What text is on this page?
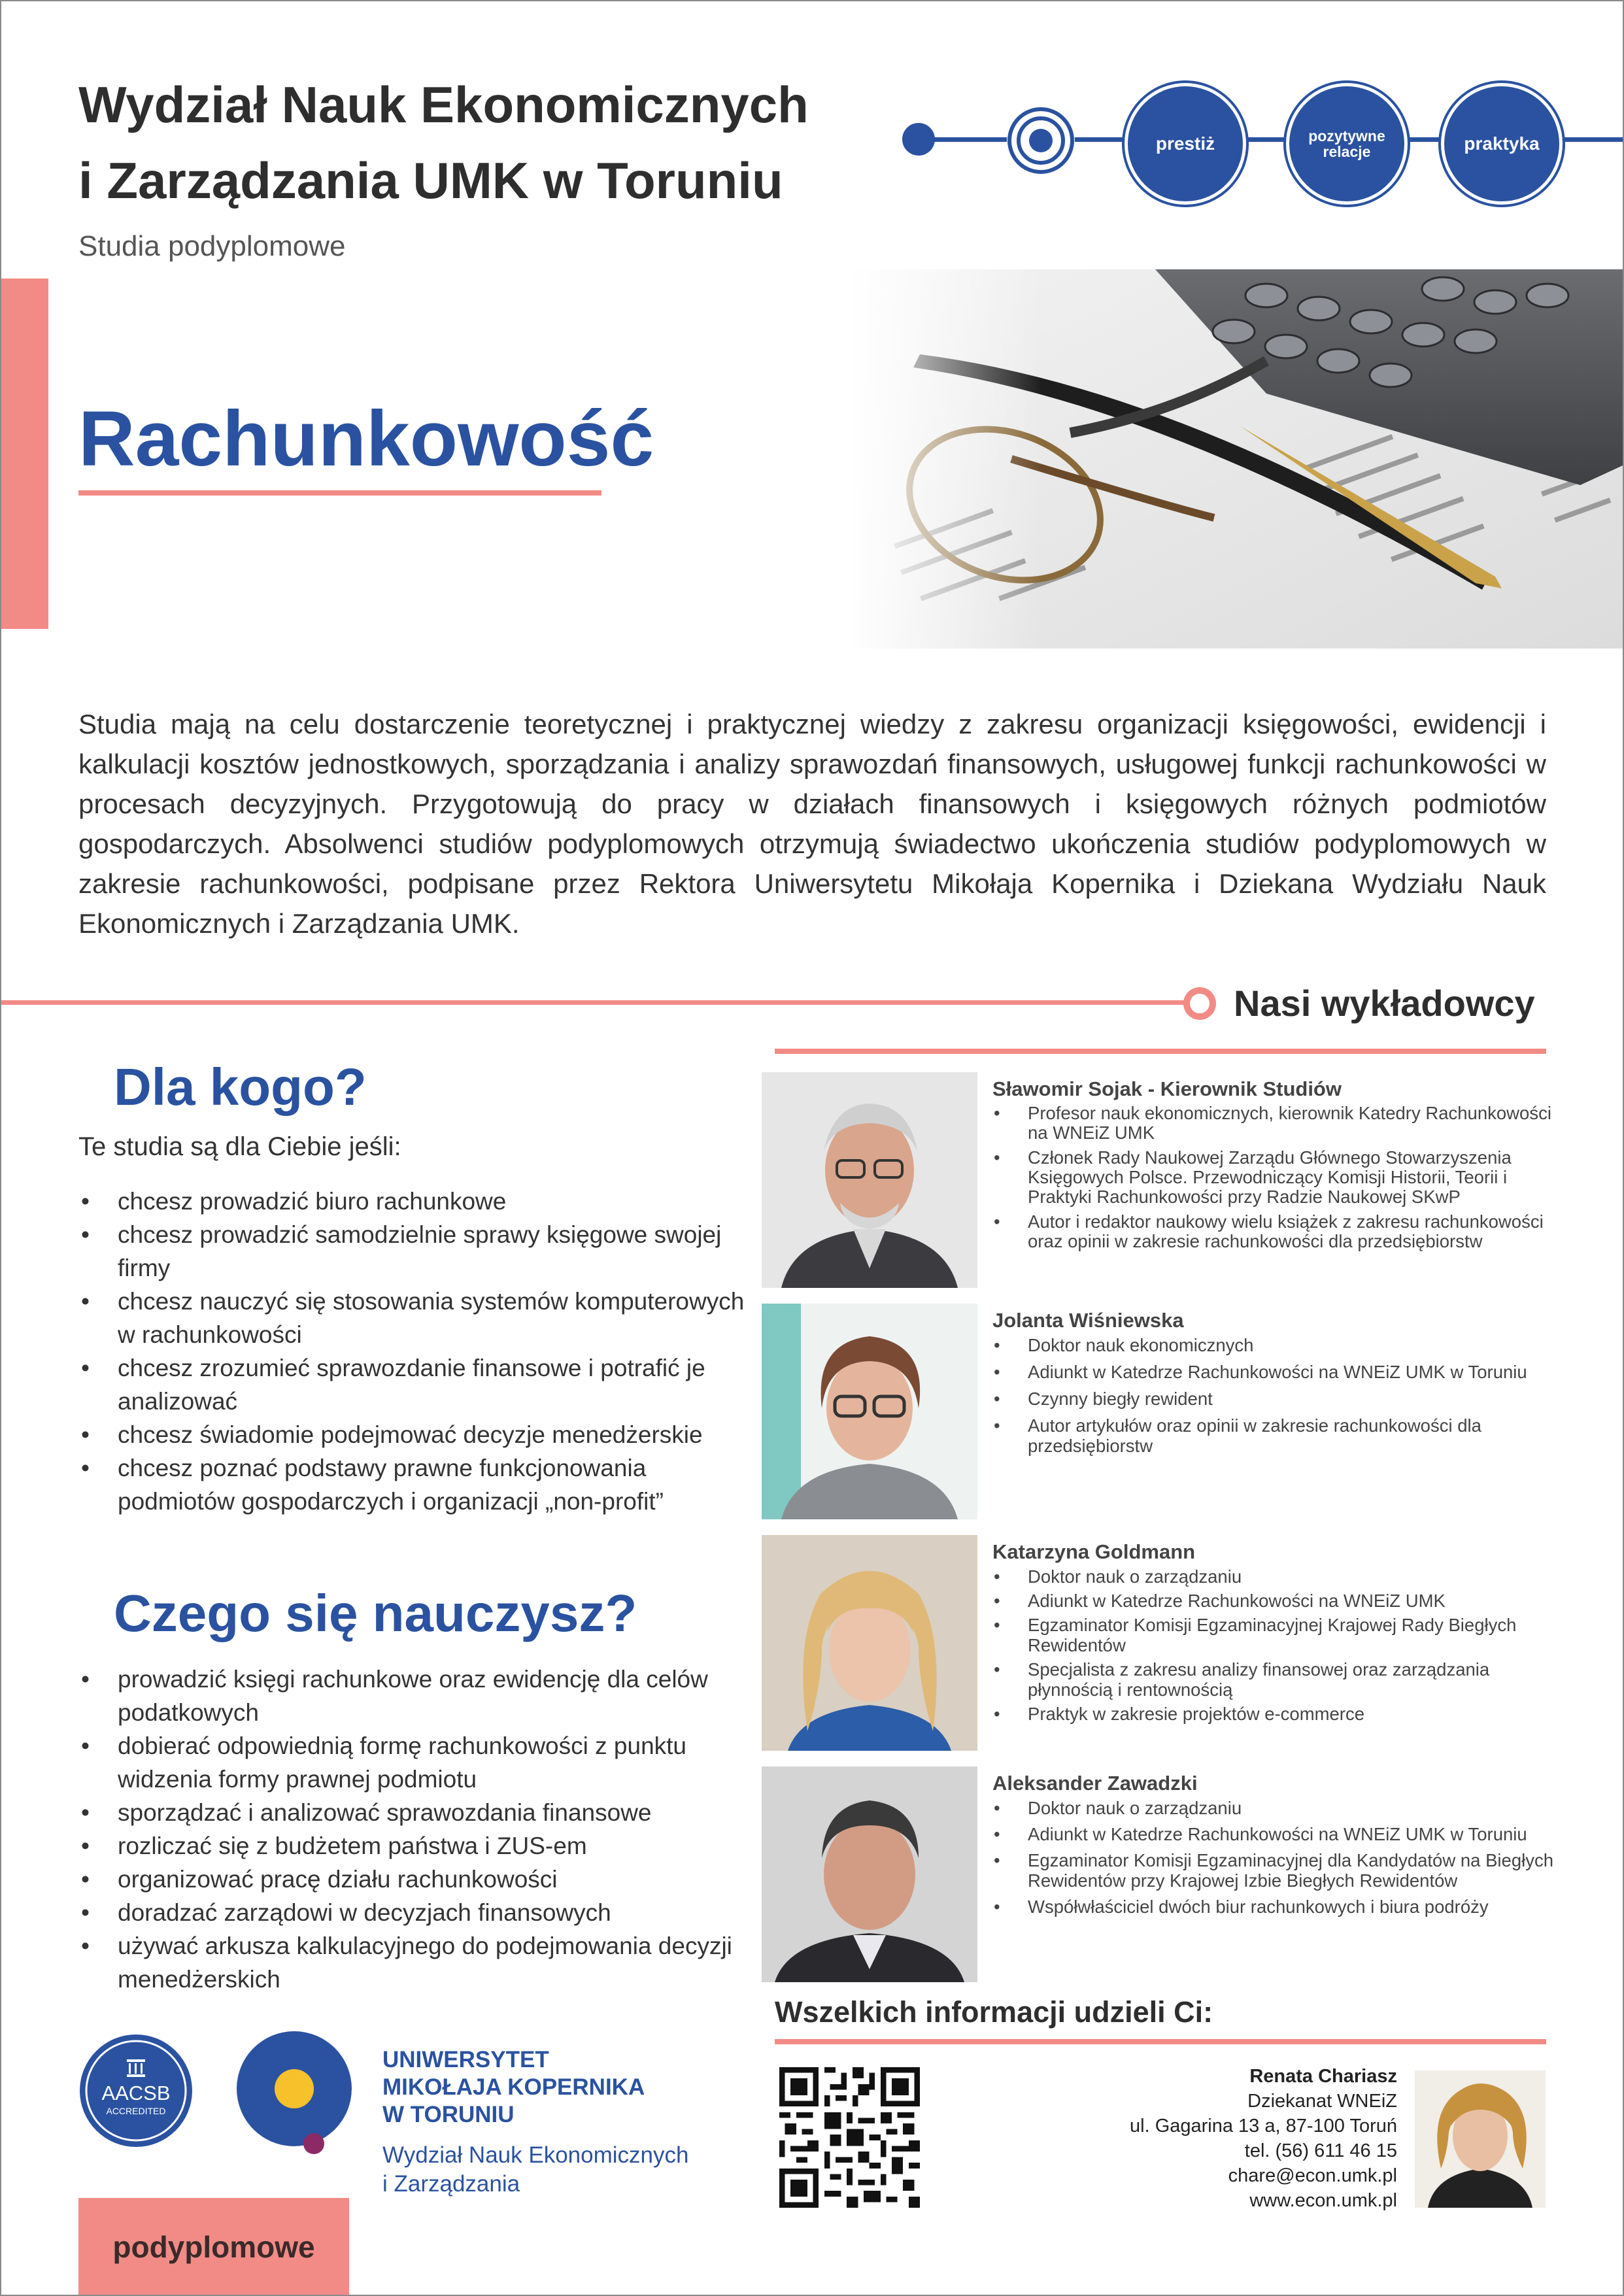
Wydział Nauk Ekonomicznych
i Zarządzania UMK w Toruniu
Studia podyplomowe
prestiż	pozytywne
relacje	praktyka
Rachunkowość
Studia mają na celu dostarczenie teoretycznej i praktycznej wiedzy z zakresu organizacji księgowości, ewidencji i kalkulacji kosztów jednostkowych, sporządzania i analizy sprawozdań finansowych, usługowej funkcji rachunkowości w procesach decyzyjnych. Przygotowują do pracy w działach finansowych i księgowych różnych podmiotów gospodarczych. Absolwenci studiów podyplomowych otrzymują świadectwo ukończenia studiów podyplomowych w zakresie rachunkowości, podpisane przez Rektora Uniwersytetu Mikołaja Kopernika i Dziekana Wydziału Nauk Ekonomicznych i Zarządzania UMK.
Nasi wykładowcy
Dla kogo?
Te studia są dla Ciebie jeśli:
• chcesz prowadzić biuro rachunkowe
• chcesz prowadzić samodzielnie sprawy księgowe swojej firmy
• chcesz nauczyć się stosowania systemów komputerowych w rachunkowości
• chcesz zrozumieć sprawozdanie finansowe i potrafić je analizować
• chcesz świadomie podejmować decyzje menedżerskie
• chcesz poznać podstawy prawne funkcjonowania podmiotów gospodarczych i organizacji „non-profit”
Czego się nauczysz?
• prowadzić księgi rachunkowe oraz ewidencję dla celów podatkowych
• dobierać odpowiednią formę rachunkowości z punktu widzenia formy prawnej podmiotu
• sporządzać i analizować sprawozdania finansowe
• rozliczać się z budżetem państwa i ZUS-em
• organizować pracę działu rachunkowości
• doradzać zarządowi w decyzjach finansowych
• używać arkusza kalkulacyjnego do podejmowania decyzji menedżerskich
Sławomir Sojak - Kierownik Studiów
• Profesor nauk ekonomicznych, kierownik Katedry Rachunkowości na WNEiZ UMK
• Członek Rady Naukowej Zarządu Głównego Stowarzyszenia Księgowych Polsce. Przewodniczący Komisji Historii, Teorii i Praktyki Rachunkowości przy Radzie Naukowej SKwP
• Autor i redaktor naukowy wielu książek z zakresu rachunkowości oraz opinii w zakresie rachunkowości dla przedsiębiorstw
Jolanta Wiśniewska
• Doktor nauk ekonomicznych
• Adiunkt w Katedrze Rachunkowości na WNEiZ UMK w Toruniu
• Czynny biegły rewident
• Autor artykułów oraz opinii w zakresie rachunkowości dla przedsiębiorstw
Katarzyna Goldmann
• Doktor nauk o zarządzaniu
• Adiunkt w Katedrze Rachunkowości na WNEiZ UMK
• Egzaminator Komisji Egzaminacyjnej Krajowej Rady Biegłych Rewidentów
• Specjalista z zakresu analizy finansowej oraz zarządzania płynnością i rentownością
• Praktyk w zakresie projektów e-commerce
Aleksander Zawadzki
• Doktor nauk o zarządzaniu
• Adiunkt w Katedrze Rachunkowości na WNEiZ UMK w Toruniu
• Egzaminator Komisji Egzaminacyjnej dla Kandydatów na Biegłych Rewidentów przy Krajowej Izbie Biegłych Rewidentów
• Współwłaściciel dwóch biur rachunkowych i biura podróży
Wszelkich informacji udzieli Ci:
Renata Chariasz
Dziekanat WNEiZ
ul. Gagarina 13 a, 87-100 Toruń
tel. (56) 611 46 15
chare@econ.umk.pl
www.econ.umk.pl
AACSB
ACCREDITED
UNIWERSYTET
MIKOŁAJA KOPERNIKA
W TORUNIU
Wydział Nauk Ekonomicznych
i Zarządzania
podyplomowe
